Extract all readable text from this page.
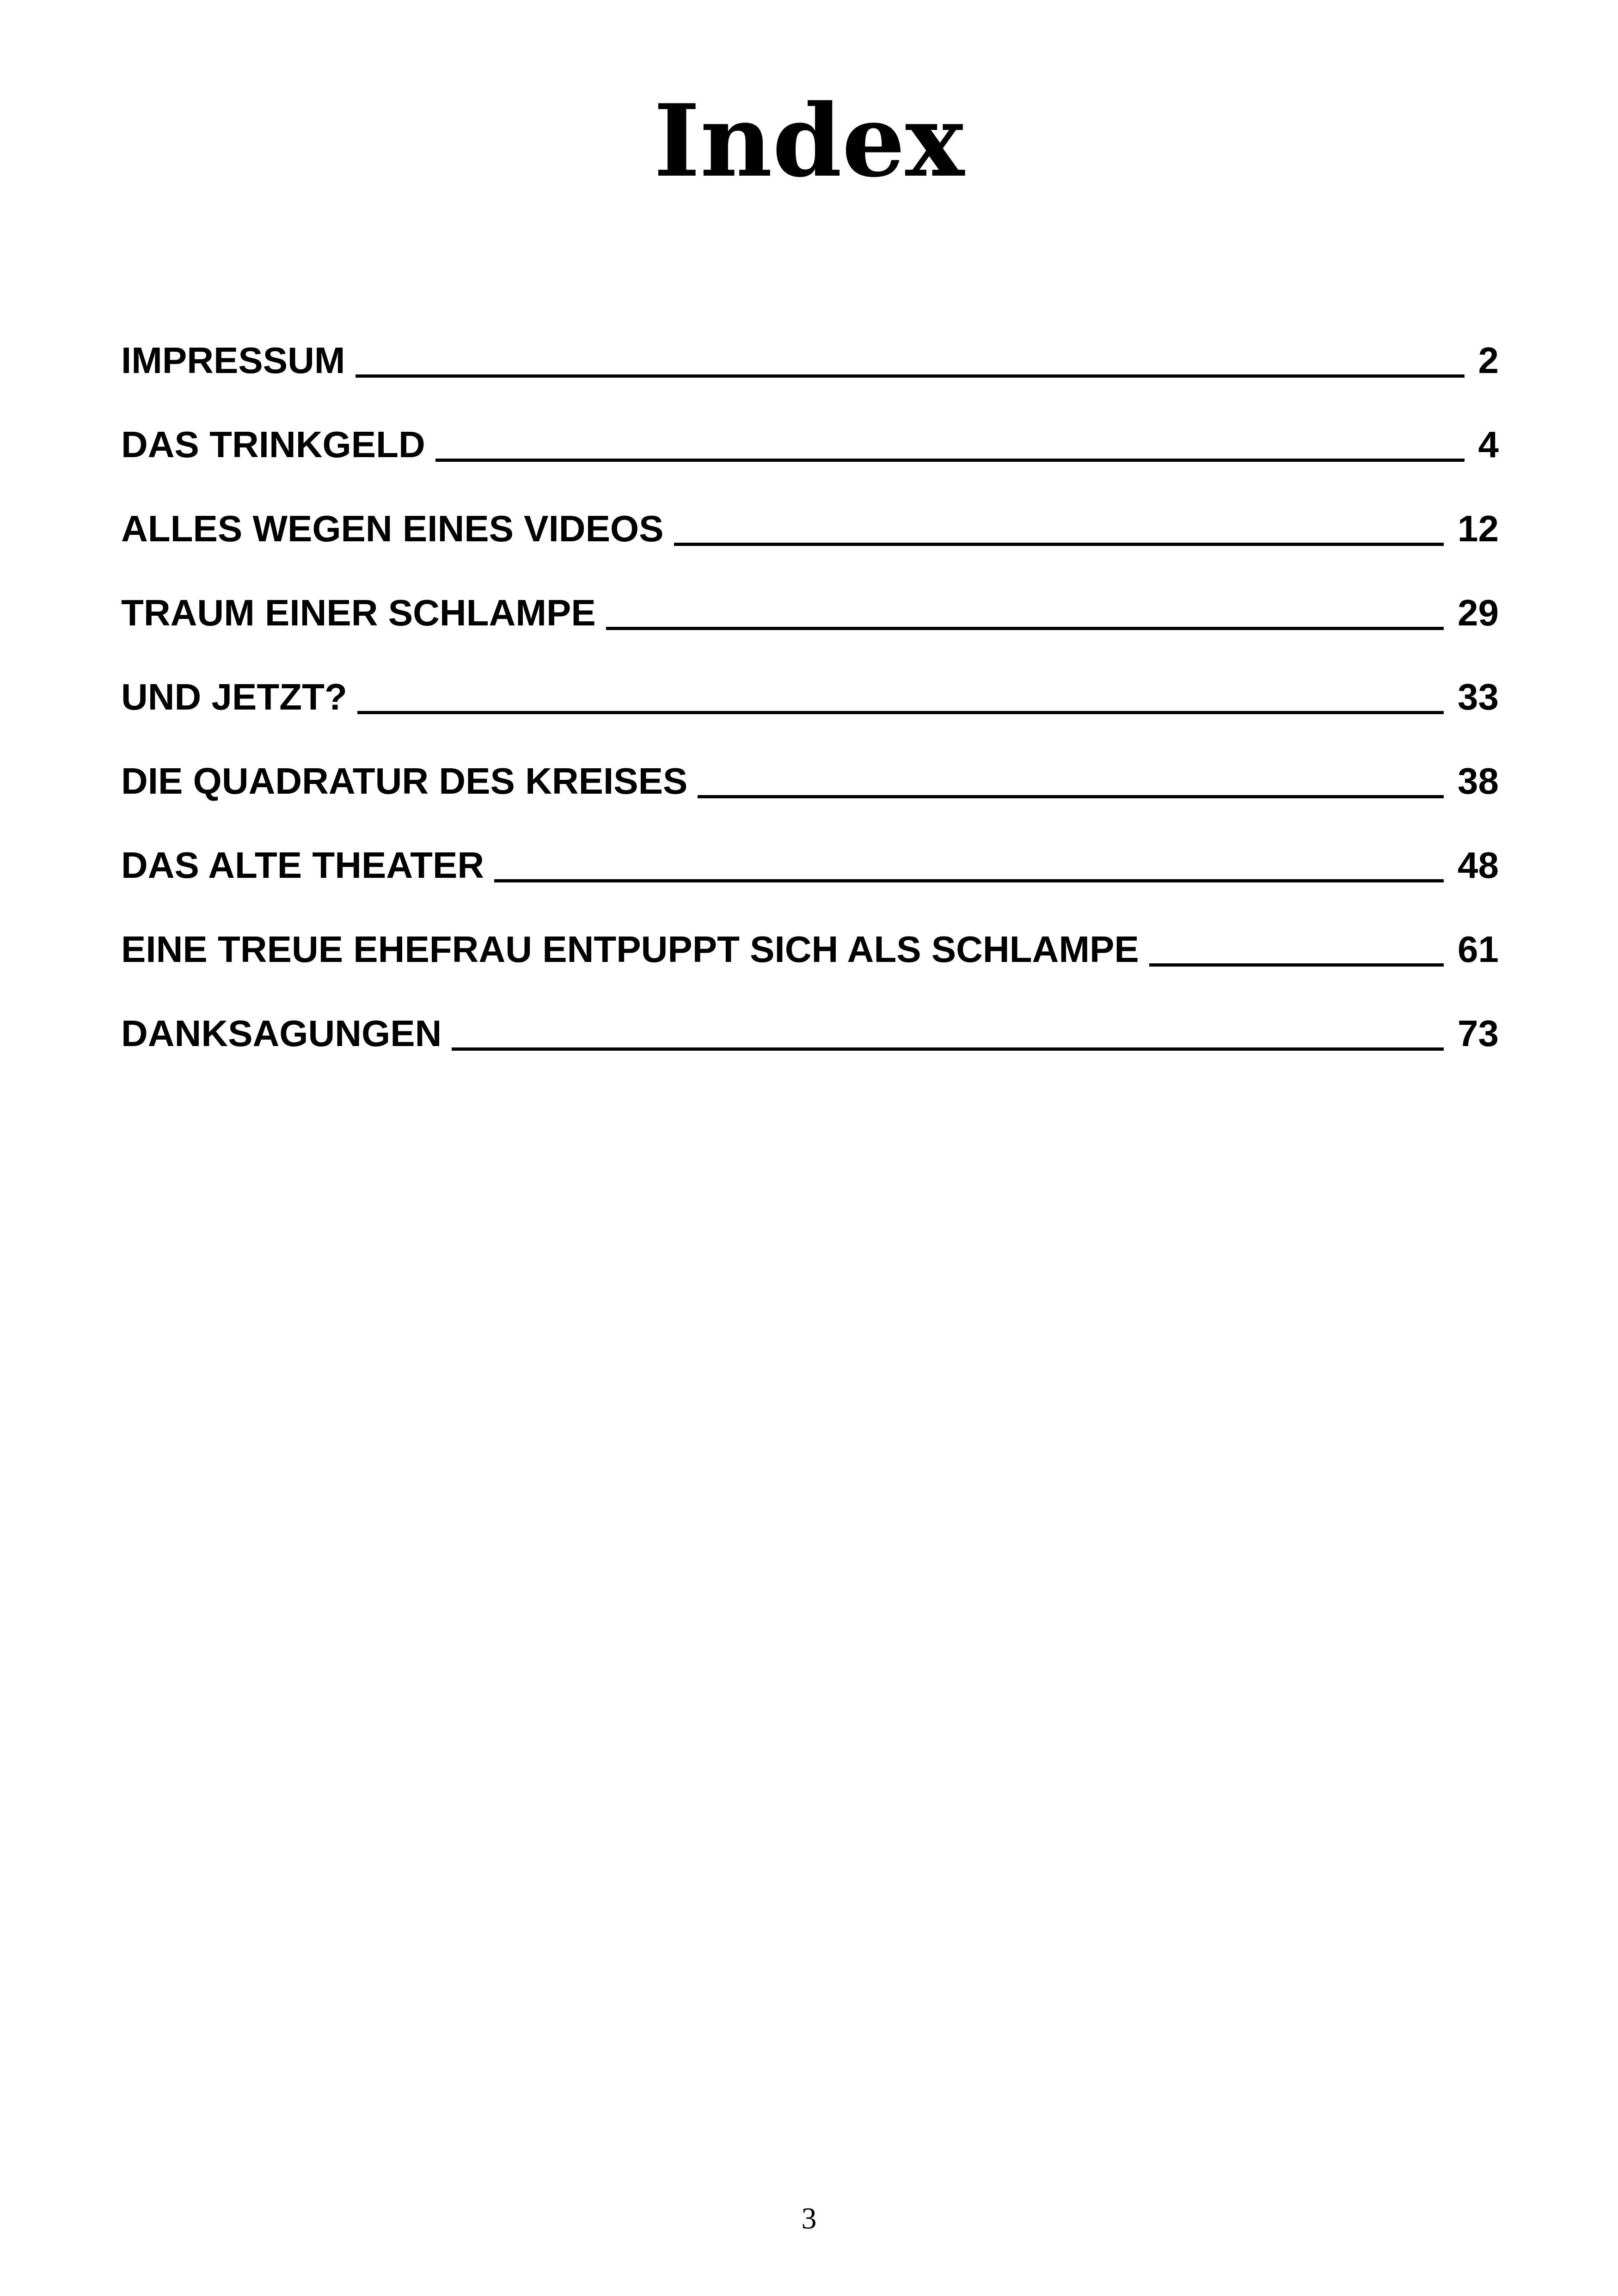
Index
IMPRESSUM	2
DAS TRINKGELD	4
ALLES WEGEN EINES VIDEOS	12
TRAUM EINER SCHLAMPE	29
UND JETZT?	33
DIE QUADRATUR DES KREISES	38
DAS ALTE THEATER	48
EINE TREUE EHEFRAU ENTPUPPT SICH ALS SCHLAMPE	61
DANKSAGUNGEN	73
3
